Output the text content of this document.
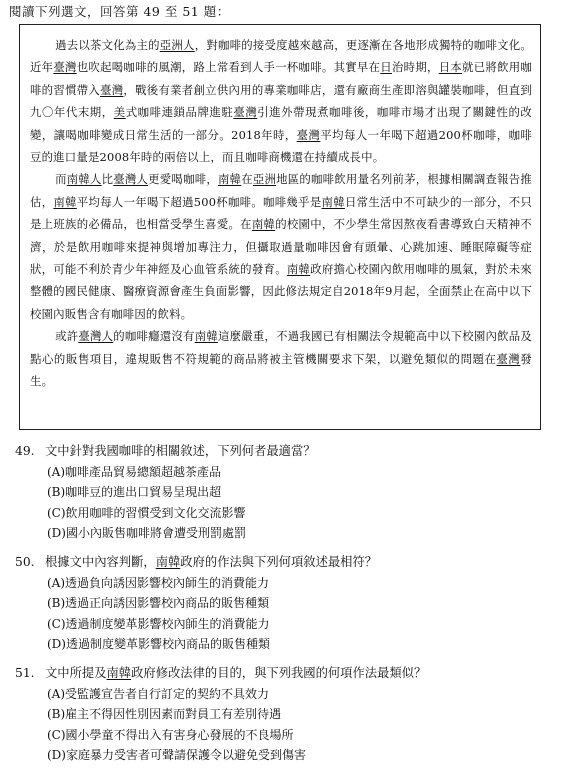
閱讀下列選文，回答第 49 至 51 題：

過去以茶文化為主的亞洲人，對咖啡的接受度越來越高，更逐漸在各地形成獨特的咖啡文化。近年臺灣也吹起喝咖啡的風潮，路上常看到人手一杯咖啡。其實早在日治時期，日本就已將飲用咖啡的習慣帶入臺灣，戰後有業者創立供內用的專業咖啡店，還有廠商生產即溶與罐裝咖啡，但直到九〇年代末期，美式咖啡連鎖品牌進駐臺灣引進外帶現煮咖啡後，咖啡市場才出現了關鍵性的改變，讓喝咖啡變成日常生活的一部分。2018年時，臺灣平均每人一年喝下超過200杯咖啡，咖啡豆的進口量是2008年時的兩倍以上，而且咖啡商機還在持續成長中。

而南韓人比臺灣人更愛喝咖啡，南韓在亞洲地區的咖啡飲用量名列前茅，根據相關調查報告推估，南韓平均每人一年喝下超過500杯咖啡。咖啡幾乎是南韓日常生活中不可缺少的一部分，不只是上班族的必備品，也相當受學生喜愛。在南韓的校園中，不少學生常因熬夜看書導致白天精神不濟，於是飲用咖啡來提神與增加專注力，但攝取過量咖啡因會有頭暈、心跳加速、睡眠障礙等症狀，可能不利於青少年神經及心血管系統的發育。南韓政府擔心校園內飲用咖啡的風氣，對於未來整體的國民健康、醫療資源會產生負面影響，因此修法規定自2018年9月起，全面禁止在高中以下校園內販售含有咖啡因的飲料。

或許臺灣人的咖啡癮還沒有南韓這麼嚴重，不過我國已有相關法令規範高中以下校園內飲品及點心的販售項目，違規販售不符規範的商品將被主管機關要求下架，以避免類似的問題在臺灣發生。

49. 文中針對我國咖啡的相關敘述，下列何者最適當？
(A)咖啡產品貿易總額超越茶產品
(B)咖啡豆的進出口貿易呈現出超
(C)飲用咖啡的習慣受到文化交流影響
(D)國小內販售咖啡將會遭受刑罰處罰
50. 根據文中內容判斷，南韓政府的作法與下列何項敘述最相符？
(A)透過負向誘因影響校內師生的消費能力
(B)透過正向誘因影響校內商品的販售種類
(C)透過制度變革影響校內師生的消費能力
(D)透過制度變革影響校內商品的販售種類
51. 文中所提及南韓政府修改法律的目的，與下列我國的何項作法最類似？
(A)受監護宣告者自行訂定的契約不具效力
(B)雇主不得因性別因素而對員工有差別待遇
(C)國小學童不得出入有害身心發展的不良場所
(D)家庭暴力受害者可聲請保護令以避免受到傷害
